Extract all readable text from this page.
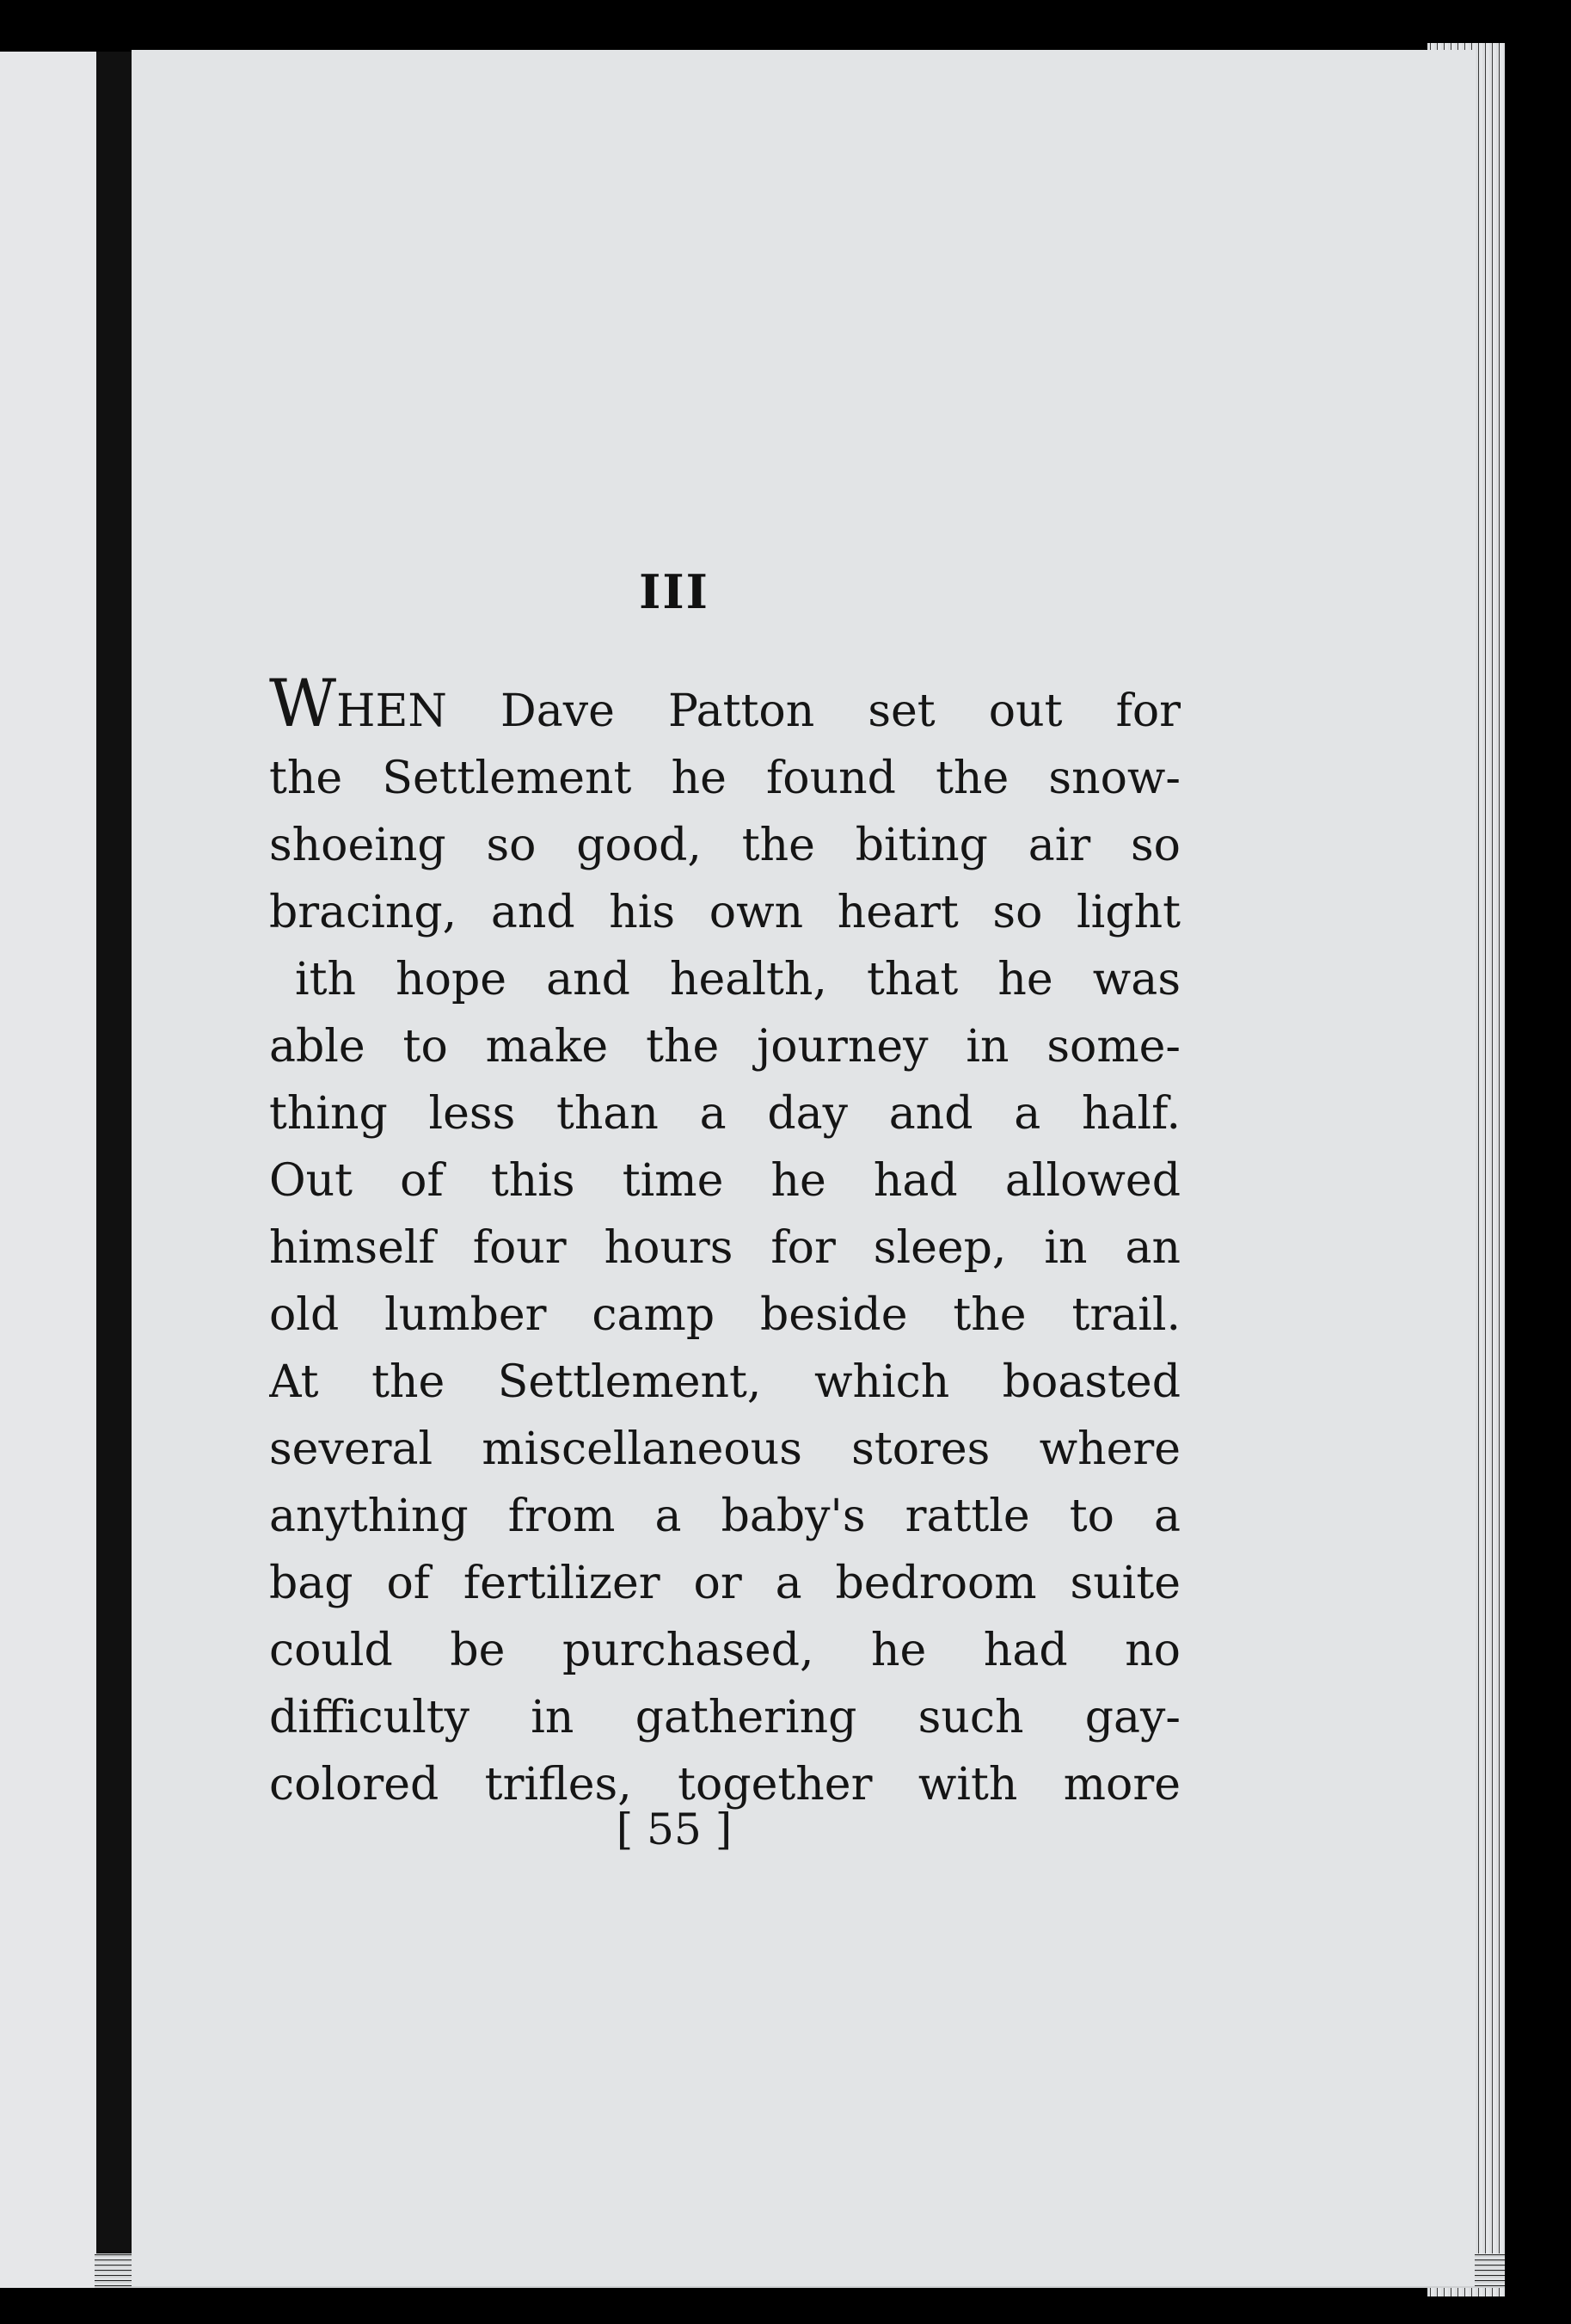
III
WHEN Dave Patton set out for
the Settlement he found the snow-
shoeing so good, the biting air so
bracing, and his own heart so light
ith hope and health, that he was
able to make the journey in some-
thing less than a day and a half.
Out of this time he had allowed
himself four hours for sleep, in an
old lumber camp beside the trail.
At the Settlement, which boasted
several miscellaneous stores where
anything from a baby's rattle to a
bag of fertilizer or a bedroom suite
could be purchased, he had no
difficulty in gathering such gay-
colored trifles, together with more
[ 55 ]
